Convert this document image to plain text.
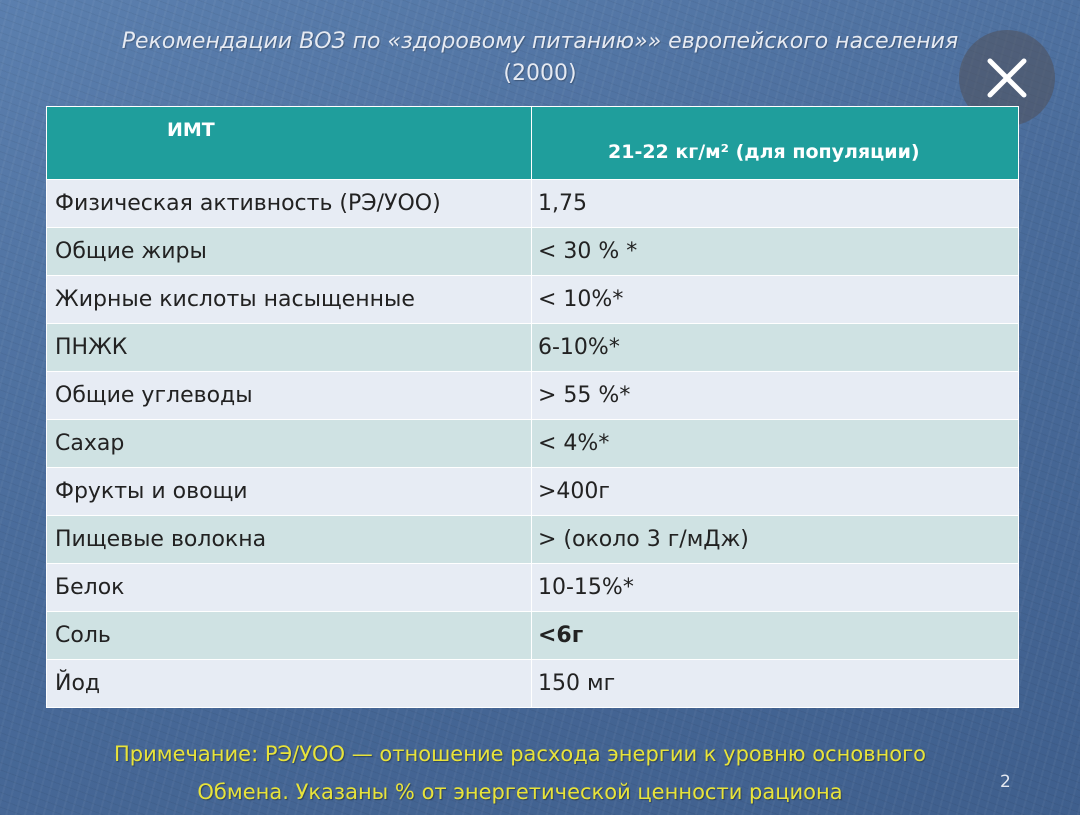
Рекомендации ВОЗ по «здоровому питанию»» европейского населения
(2000)
ИМТ	21-22 кг/м² (для популяции)
Физическая активность (РЭ/УОО)	1,75
Общие жиры	< 30 % *
Жирные кислоты насыщенные	< 10%*
ПНЖК	6-10%*
Общие углеводы	> 55 %*
Сахар	< 4%*
Фрукты и овощи	>400г
Пищевые волокна	> (около 3 г/мДж)
Белок	10-15%*
Соль	<6г
Йод	150 мг
Примечание: РЭ/УОО — отношение расхода энергии к уровню основного
Обмена. Указаны % от энергетической ценности рациона	2
